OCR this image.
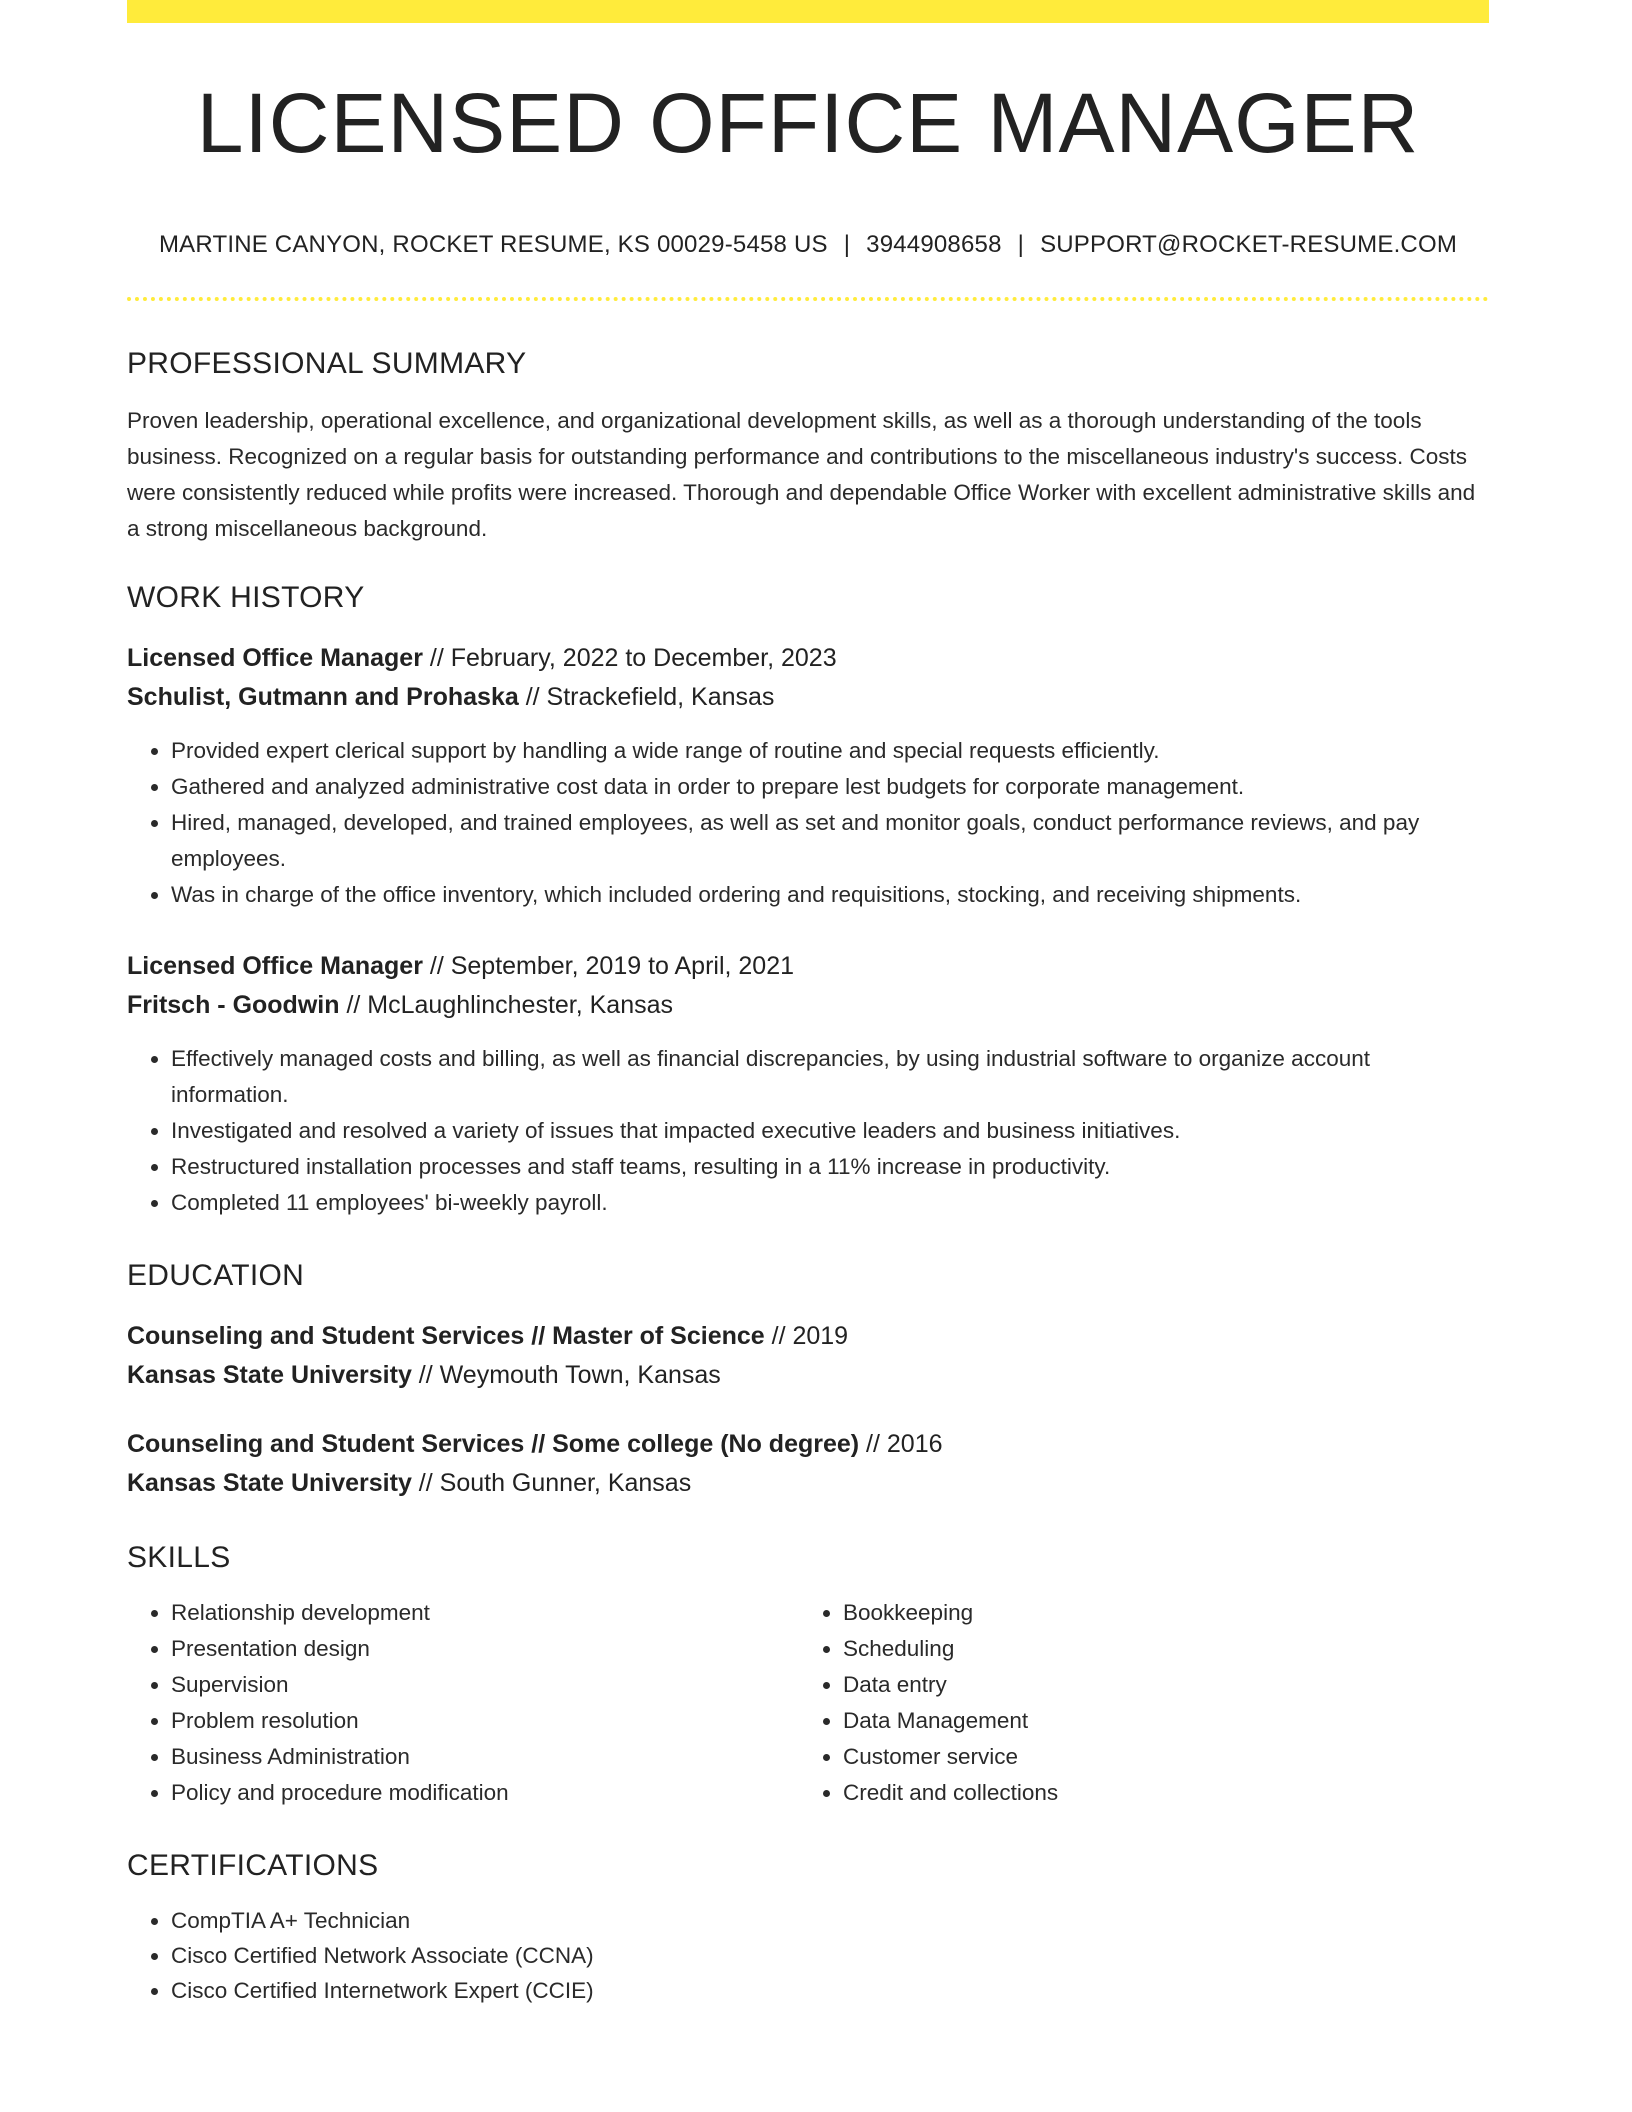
LICENSED OFFICE MANAGER
MARTINE CANYON, ROCKET RESUME, KS 00029-5458 US | 3944908658 | SUPPORT@ROCKET-RESUME.COM
PROFESSIONAL SUMMARY
Proven leadership, operational excellence, and organizational development skills, as well as a thorough understanding of the tools business. Recognized on a regular basis for outstanding performance and contributions to the miscellaneous industry's success. Costs were consistently reduced while profits were increased. Thorough and dependable Office Worker with excellent administrative skills and a strong miscellaneous background.
WORK HISTORY
Licensed Office Manager // February, 2022 to December, 2023
Schulist, Gutmann and Prohaska // Strackefield, Kansas
• Provided expert clerical support by handling a wide range of routine and special requests efficiently.
• Gathered and analyzed administrative cost data in order to prepare lest budgets for corporate management.
• Hired, managed, developed, and trained employees, as well as set and monitor goals, conduct performance reviews, and pay employees.
• Was in charge of the office inventory, which included ordering and requisitions, stocking, and receiving shipments.
Licensed Office Manager // September, 2019 to April, 2021
Fritsch - Goodwin // McLaughlinchester, Kansas
• Effectively managed costs and billing, as well as financial discrepancies, by using industrial software to organize account information.
• Investigated and resolved a variety of issues that impacted executive leaders and business initiatives.
• Restructured installation processes and staff teams, resulting in a 11% increase in productivity.
• Completed 11 employees' bi-weekly payroll.
EDUCATION
Counseling and Student Services // Master of Science // 2019
Kansas State University // Weymouth Town, Kansas
Counseling and Student Services // Some college (No degree) // 2016
Kansas State University // South Gunner, Kansas
SKILLS
• Relationship development
• Presentation design
• Supervision
• Problem resolution
• Business Administration
• Policy and procedure modification
• Bookkeeping
• Scheduling
• Data entry
• Data Management
• Customer service
• Credit and collections
CERTIFICATIONS
• CompTIA A+ Technician
• Cisco Certified Network Associate (CCNA)
• Cisco Certified Internetwork Expert (CCIE)
